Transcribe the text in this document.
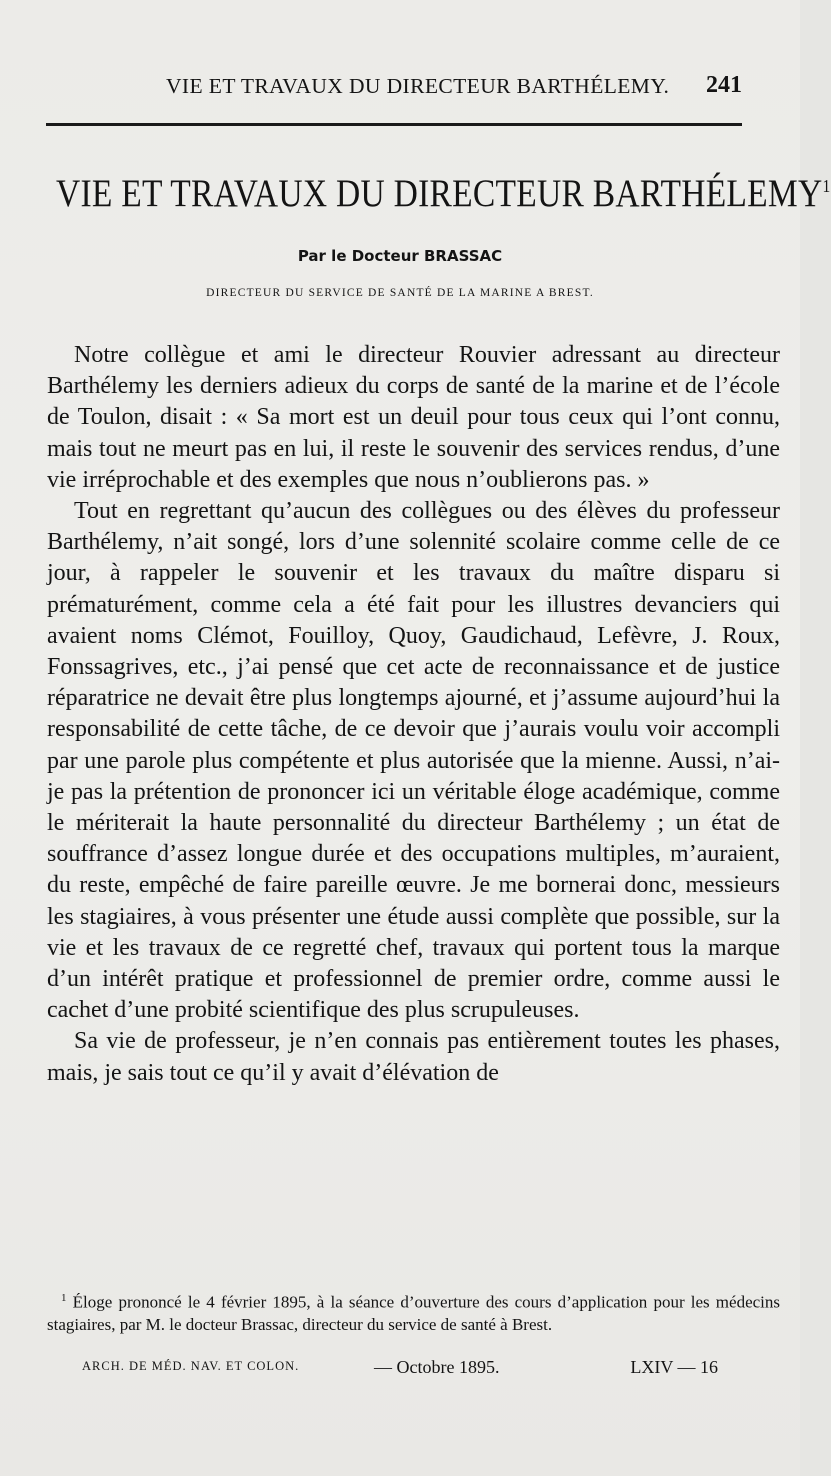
VIE ET TRAVAUX DU DIRECTEUR BARTHÉLEMY. 241
VIE ET TRAVAUX DU DIRECTEUR BARTHÉLEMY$^1$
Par le Docteur BRASSAC
DIRECTEUR DU SERVICE DE SANTÉ DE LA MARINE A BREST.

Notre collègue et ami le directeur Rouvier adressant au directeur Barthélemy les derniers adieux du corps de santé de la marine et de l’école de Toulon, disait : « Sa mort est un deuil pour tous ceux qui l’ont connu, mais tout ne meurt pas en lui, il reste le souvenir des services rendus, d’une vie irréprochable et des exemples que nous n’oublierons pas. »

Tout en regrettant qu’aucun des collègues ou des élèves du professeur Barthélemy, n’ait songé, lors d’une solennité scolaire comme celle de ce jour, à rappeler le souvenir et les travaux du maître disparu si prématurément, comme cela a été fait pour les illustres devanciers qui avaient noms Clémot, Fouilloy, Quoy, Gaudichaud, Lefèvre, J. Roux, Fonssagrives, etc., j’ai pensé que cet acte de reconnaissance et de justice réparatrice ne devait être plus longtemps ajourné, et j’assume aujourd’hui la responsabilité de cette tâche, de ce devoir que j’aurais voulu voir accompli par une parole plus compétente et plus autorisée que la mienne. Aussi, n’ai-je pas la prétention de prononcer ici un véritable éloge académique, comme le mériterait la haute personnalité du directeur Barthélemy ; un état de souffrance d’assez longue durée et des occupations multiples, m’auraient, du reste, empêché de faire pareille œuvre. Je me bornerai donc, messieurs les stagiaires, à vous présenter une étude aussi complète que possible, sur la vie et les travaux de ce regretté chef, travaux qui portent tous la marque d’un intérêt pratique et professionnel de premier ordre, comme aussi le cachet d’une probité scientifique des plus scrupuleuses.

Sa vie de professeur, je n’en connais pas entièrement toutes les phases, mais, je sais tout ce qu’il y avait d’élévation de

$^1$ Éloge prononcé le 4 février 1895, à la séance d’ouverture des cours d’application pour les médecins stagiaires, par M. le docteur Brassac, directeur du service de santé à Brest.

ARCH. DE MÉD. NAV. ET COLON.	— Octobre 1895.	LXIV — 16
